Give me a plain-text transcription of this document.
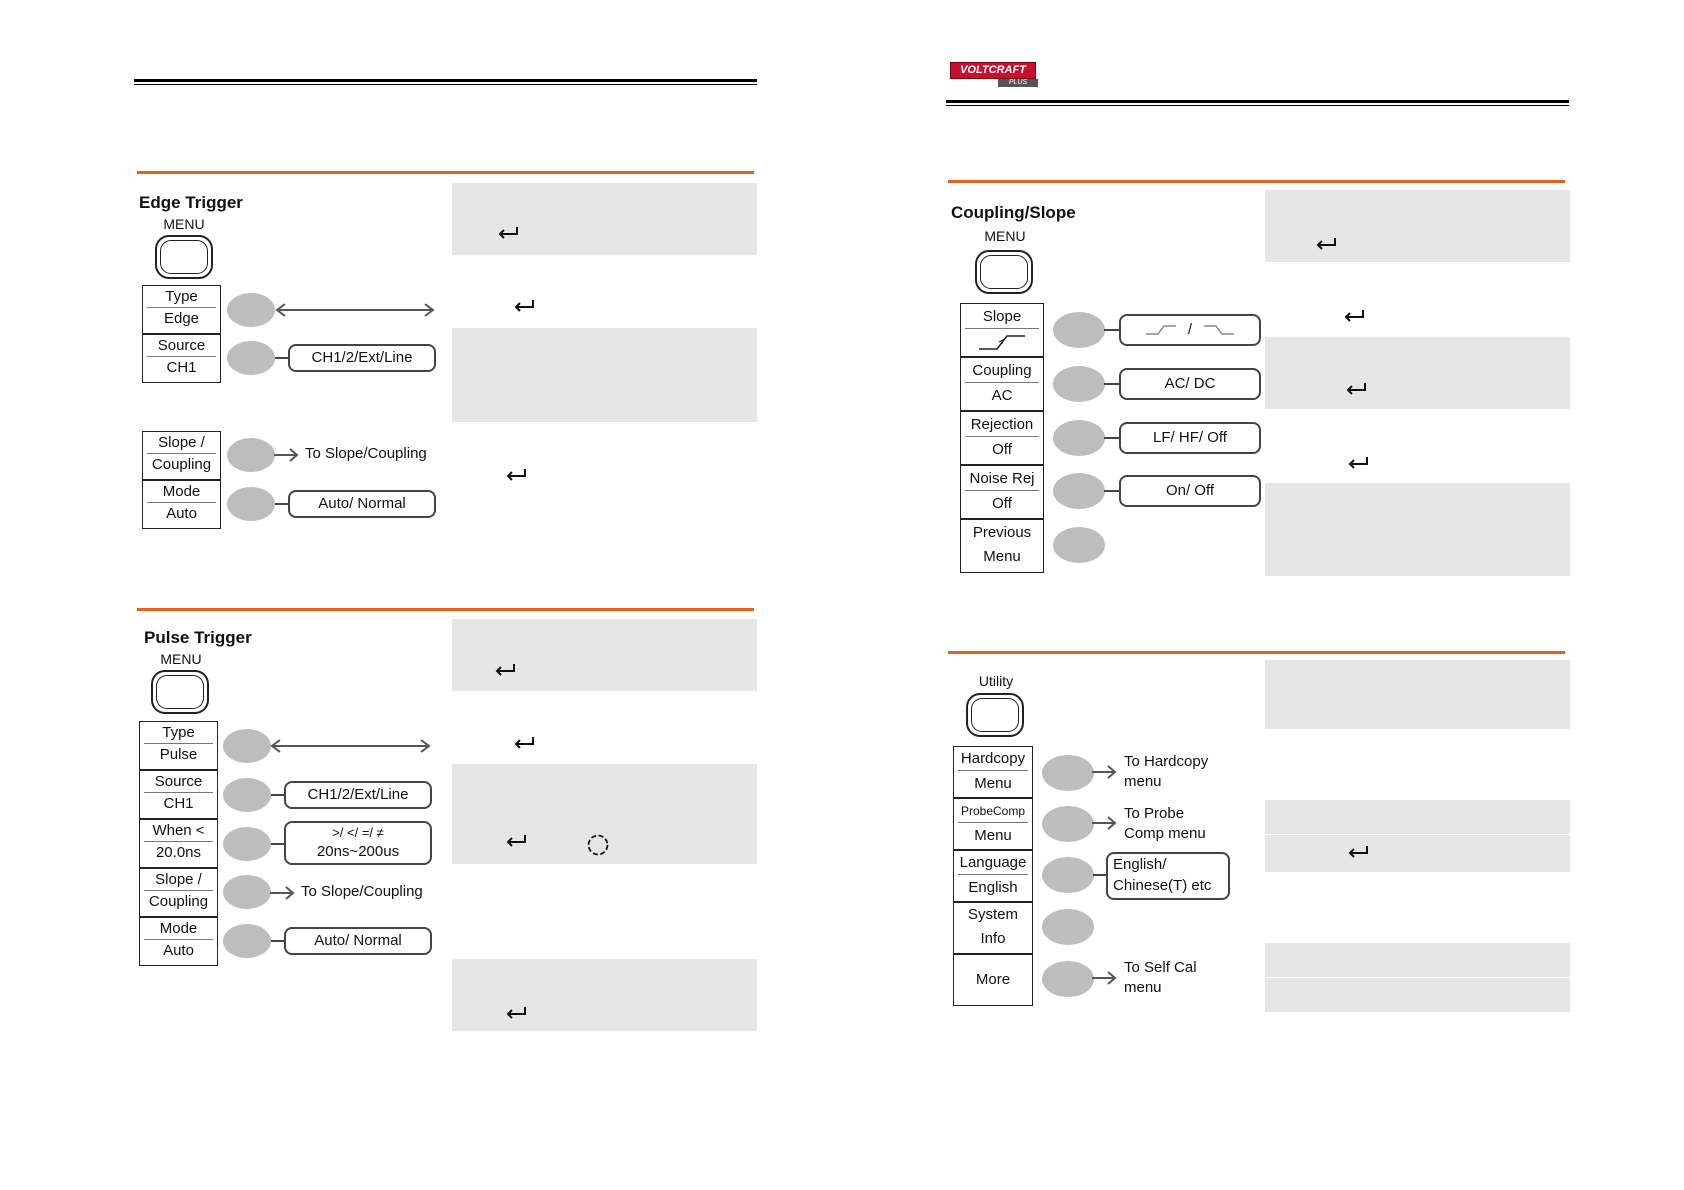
VOLTCRAFT
PLUS
Edge Trigger
MENU
Type
Edge
Source
CH1
Slope /
Coupling
Mode
Auto
CH1/2/Ext/Line
To Slope/Coupling
Auto/ Normal
Pulse Trigger
MENU
Type
Pulse
Source
CH1
When <
20.0ns
Slope /
Coupling
Mode
Auto
CH1/2/Ext/Line
>/ </ =/ ≠
20ns~200us
To Slope/Coupling
Auto/ Normal
Coupling/Slope
MENU
Slope
Coupling
AC
Rejection
Off
Noise Rej
Off
Previous
Menu
/
AC/ DC
LF/ HF/ Off
On/ Off
Utility
Hardcopy
Menu
ProbeComp
Menu
Language
English
System
Info
More
To Hardcopy
menu
To Probe
Comp menu
English/
Chinese(T) etc
To Self Cal
menu
